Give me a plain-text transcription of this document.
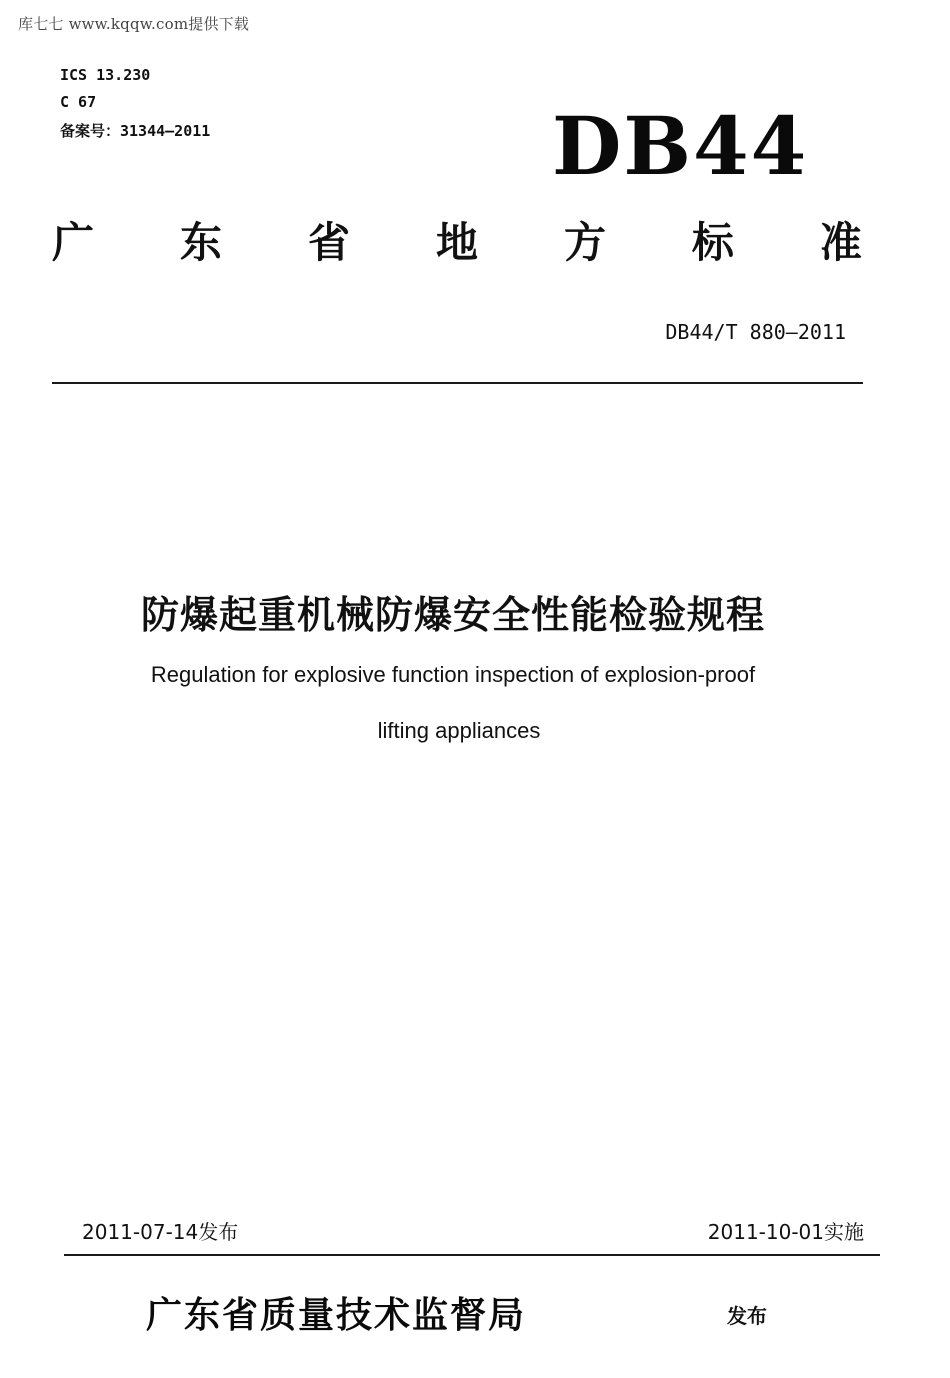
库七七 www.kqqw.com提供下载
ICS 13.230
C 67
备案号：31344—2011	DB44
广 东 省 地 方 标 准
DB44/T 880—2011
防爆起重机械防爆安全性能检验规程
Regulation for explosive function inspection of explosion-proof
lifting appliances
2011-07-14发布	2011-10-01实施
广东省质量技术监督局	发布
